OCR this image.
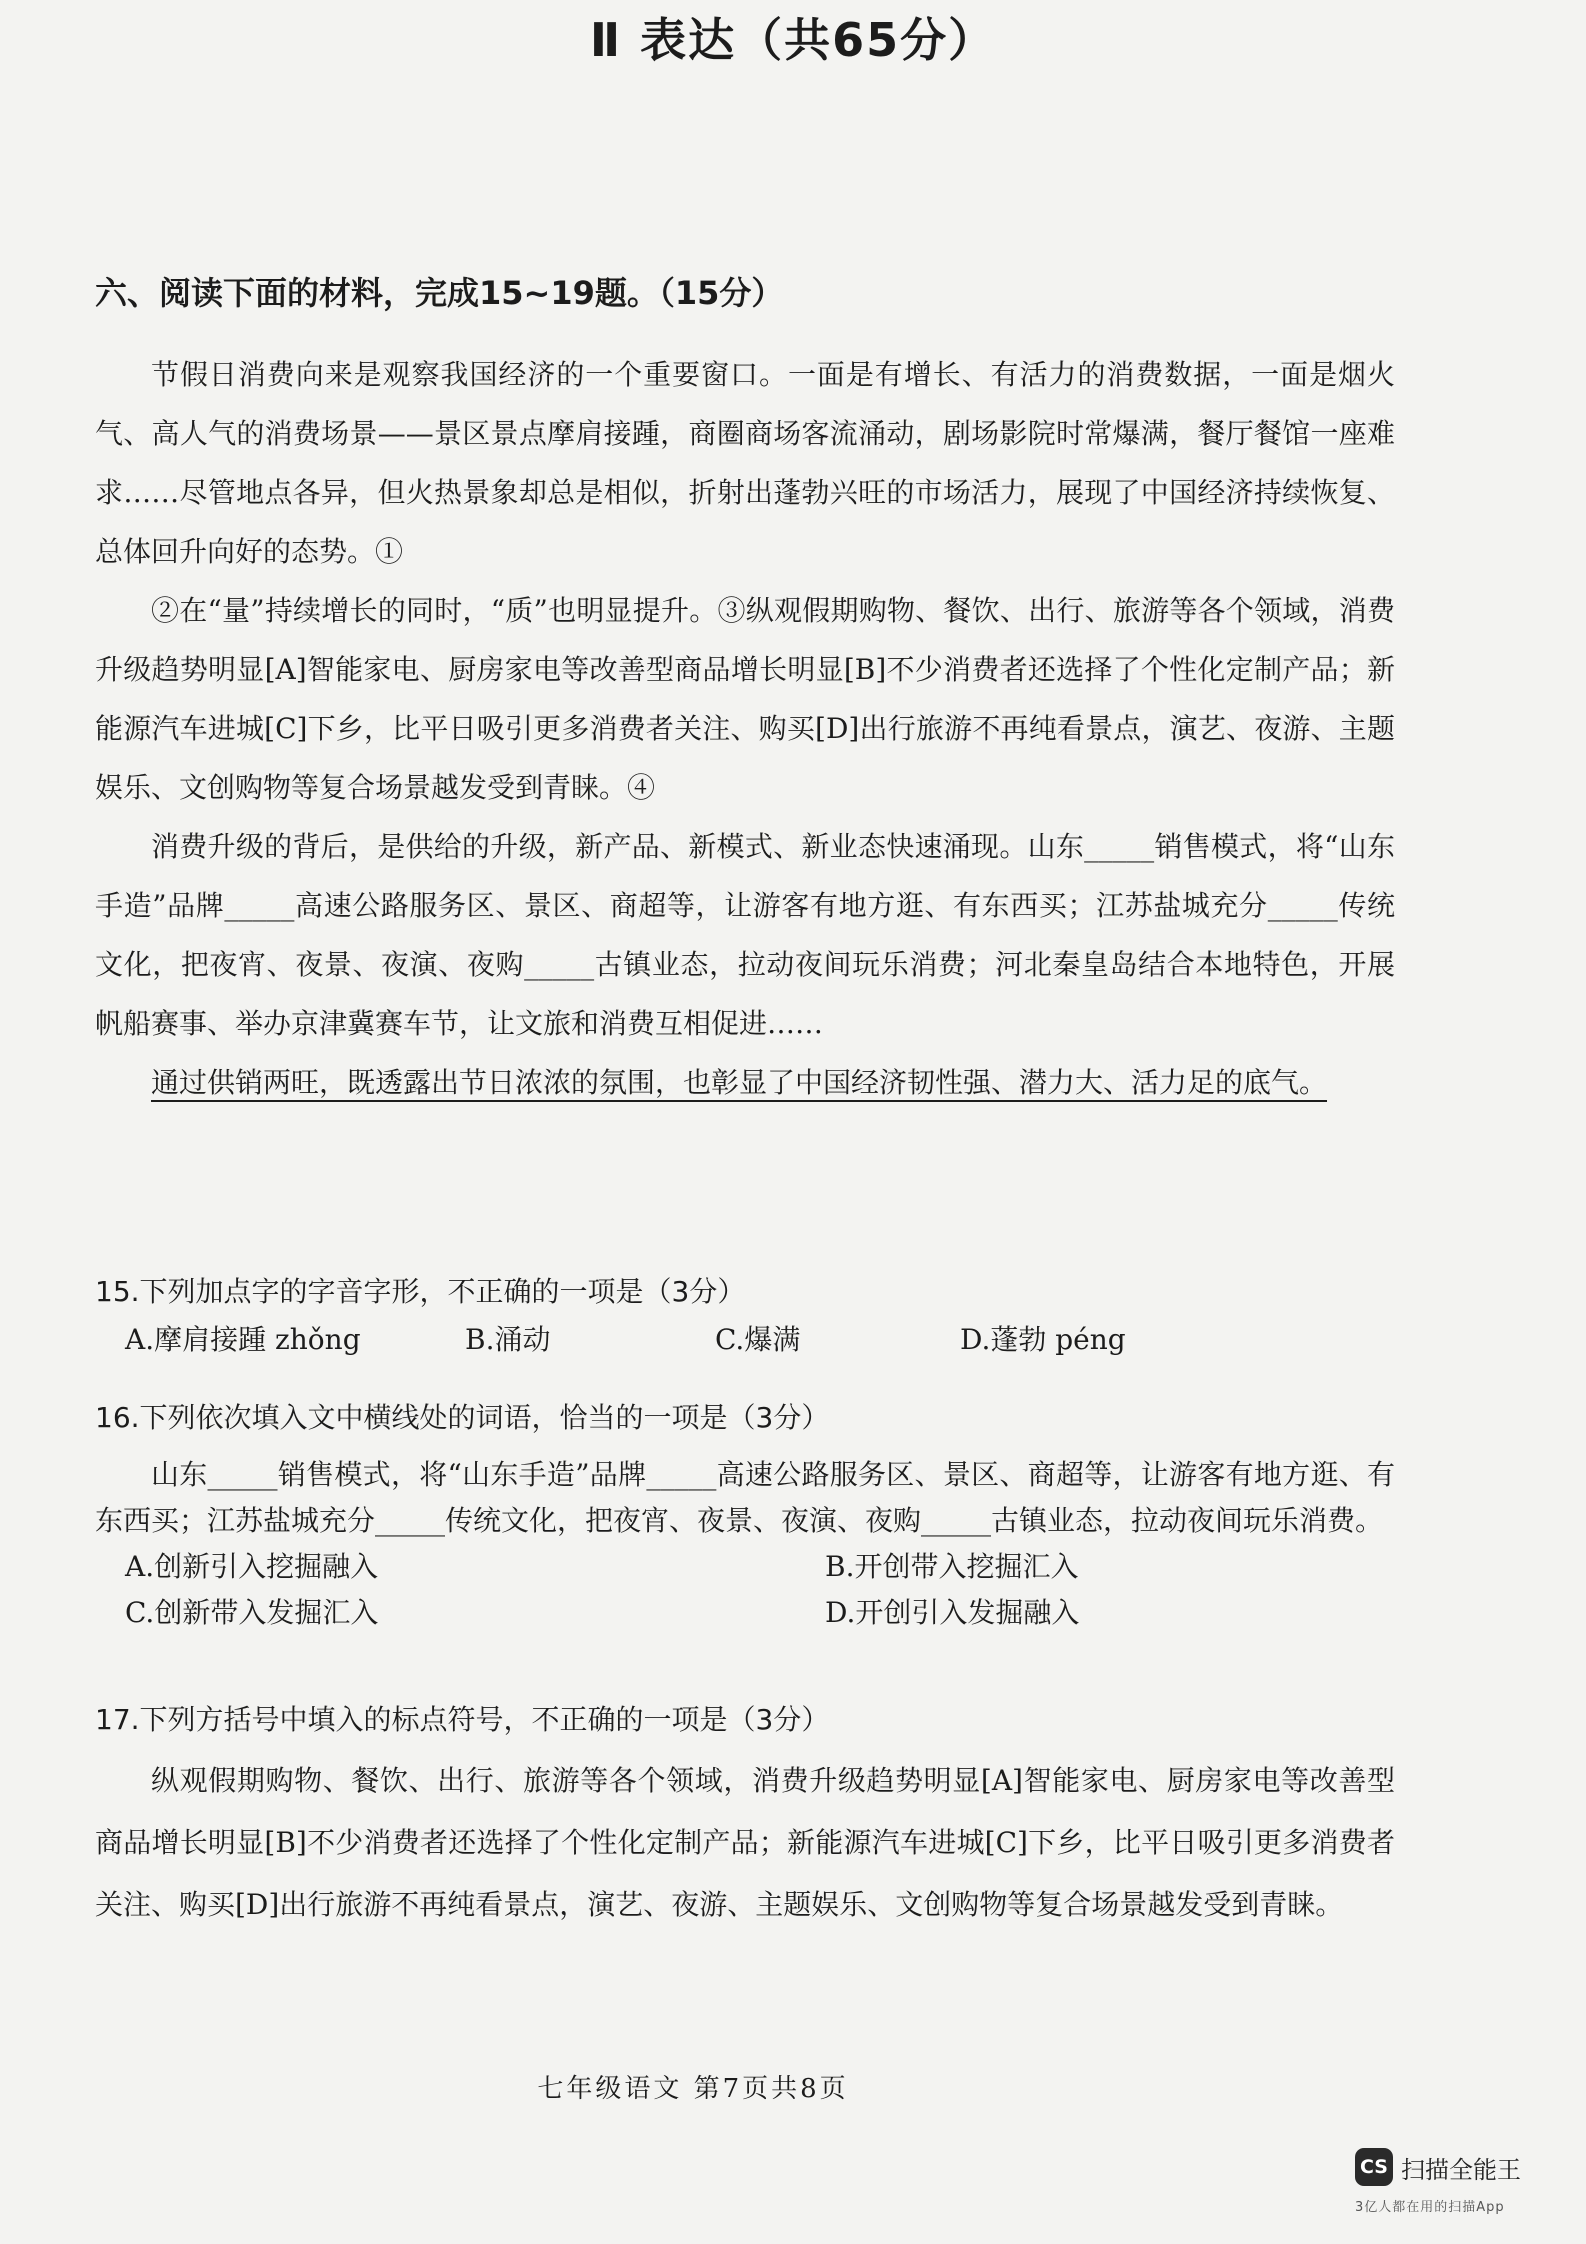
Ⅱ 表达（共65分）
六、阅读下面的材料，完成15~19题。（15分）

节假日消费向来是观察我国经济的一个重要窗口。一面是有增长、有活力的消费数据，一面是烟火气、高人气的消费场景——景区景点摩肩接踵，商圈商场客流涌动，剧场影院时常爆满，餐厅餐馆一座难求……尽管地点各异，但火热景象却总是相似，折射出蓬勃兴旺的市场活力，展现了中国经济持续恢复、总体回升向好的态势。①

②在“量”持续增长的同时，“质”也明显提升。③纵观假期购物、餐饮、出行、旅游等各个领域，消费升级趋势明显[A]智能家电、厨房家电等改善型商品增长明显[B]不少消费者还选择了个性化定制产品；新能源汽车进城[C]下乡，比平日吸引更多消费者关注、购买[D]出行旅游不再纯看景点，演艺、夜游、主题娱乐、文创购物等复合场景越发受到青睐。④

消费升级的背后，是供给的升级，新产品、新模式、新业态快速涌现。山东_____销售模式，将“山东手造”品牌_____高速公路服务区、景区、商超等，让游客有地方逛、有东西买；江苏盐城充分_____传统文化，把夜宵、夜景、夜演、夜购_____古镇业态，拉动夜间玩乐消费；河北秦皇岛结合本地特色，开展帆船赛事、举办京津冀赛车节，让文旅和消费互相促进……

通过供销两旺，既透露出节日浓浓的氛围，也彰显了中国经济韧性强、潜力大、活力足的底气。

15.下列加点字的字音字形，不正确的一项是（3分）

A.摩肩接踵 zhǒng	B.涌动	C.爆满	D.蓬勃 péng

16.下列依次填入文中横线处的词语，恰当的一项是（3分）

山东_____销售模式，将“山东手造”品牌_____高速公路服务区、景区、商超等，让游客有地方逛、有东西买；江苏盐城充分_____传统文化，把夜宵、夜景、夜演、夜购_____古镇业态，拉动夜间玩乐消费。

A.创新引入挖掘融入	B.开创带入挖掘汇入
C.创新带入发掘汇入	D.开创引入发掘融入

17.下列方括号中填入的标点符号，不正确的一项是（3分）

纵观假期购物、餐饮、出行、旅游等各个领域，消费升级趋势明显[A]智能家电、厨房家电等改善型商品增长明显[B]不少消费者还选择了个性化定制产品；新能源汽车进城[C]下乡，比平日吸引更多消费者关注、购买[D]出行旅游不再纯看景点，演艺、夜游、主题娱乐、文创购物等复合场景越发受到青睐。

七年级语文 第7页共8页
CS 扫描全能王
3亿人都在用的扫描App
